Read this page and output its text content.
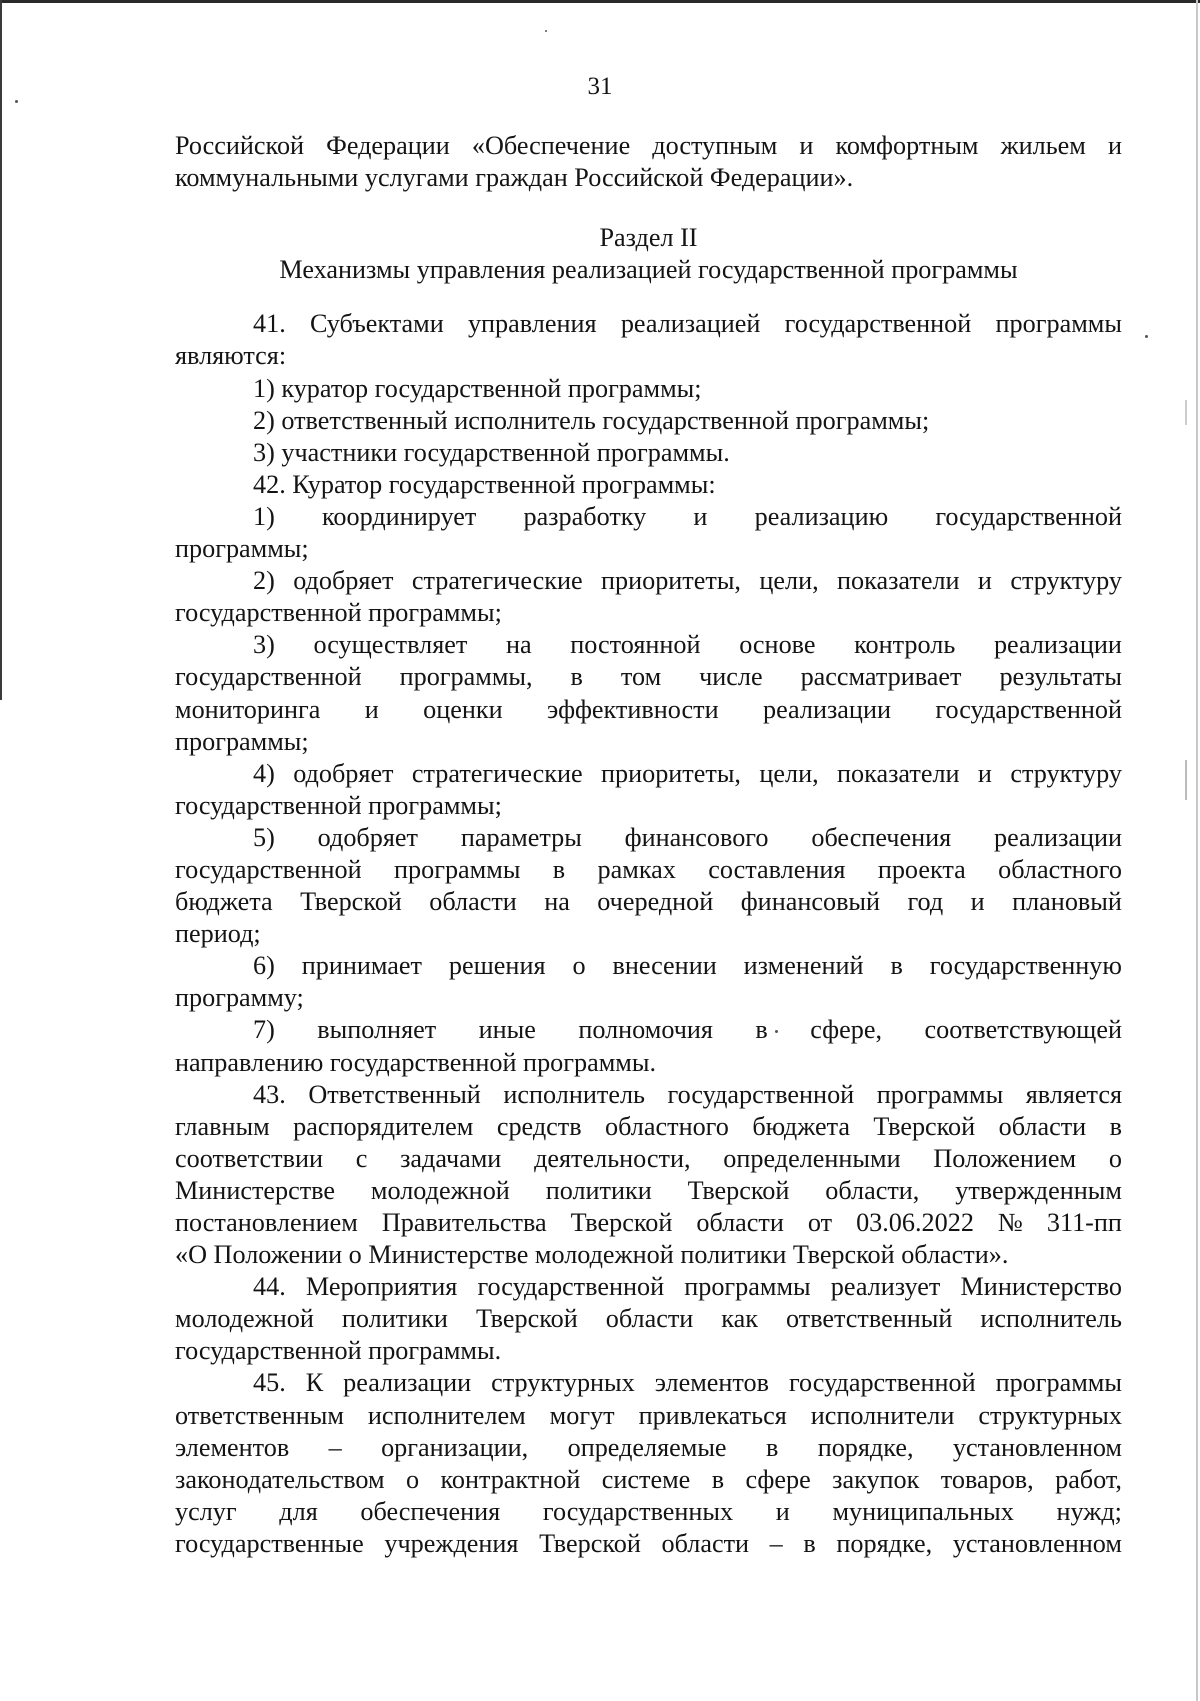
31
Российской Федерации «Обеспечение доступным и комфортным жильем и
коммунальными услугами граждан Российской Федерации».
Раздел II
Механизмы управления реализацией государственной программы
41. Субъектами управления реализацией государственной программы
являются:
1) куратор государственной программы;
2) ответственный исполнитель государственной программы;
3) участники государственной программы.
42. Куратор государственной программы:
1) координирует разработку и реализацию государственной
программы;
2) одобряет стратегические приоритеты, цели, показатели и структуру
государственной программы;
3) осуществляет на постоянной основе контроль реализации
государственной программы, в том числе рассматривает результаты
мониторинга и оценки эффективности реализации государственной
программы;
4) одобряет стратегические приоритеты, цели, показатели и структуру
государственной программы;
5) одобряет параметры финансового обеспечения реализации
государственной программы в рамках составления проекта областного
бюджета Тверской области на очередной финансовый год и плановый
период;
6) принимает решения о внесении изменений в государственную
программу;
7) выполняет иные полномочия в сфере, соответствующей
направлению государственной программы.
43. Ответственный исполнитель государственной программы является
главным распорядителем средств областного бюджета Тверской области в
соответствии с задачами деятельности, определенными Положением о
Министерстве молодежной политики Тверской области, утвержденным
постановлением Правительства Тверской области от 03.06.2022 № 311-пп
«О Положении о Министерстве молодежной политики Тверской области».
44. Мероприятия государственной программы реализует Министерство
молодежной политики Тверской области как ответственный исполнитель
государственной программы.
45. К реализации структурных элементов государственной программы
ответственным исполнителем могут привлекаться исполнители структурных
элементов – организации, определяемые в порядке, установленном
законодательством о контрактной системе в сфере закупок товаров, работ,
услуг для обеспечения государственных и муниципальных нужд;
государственные учреждения Тверской области – в порядке, установленном
